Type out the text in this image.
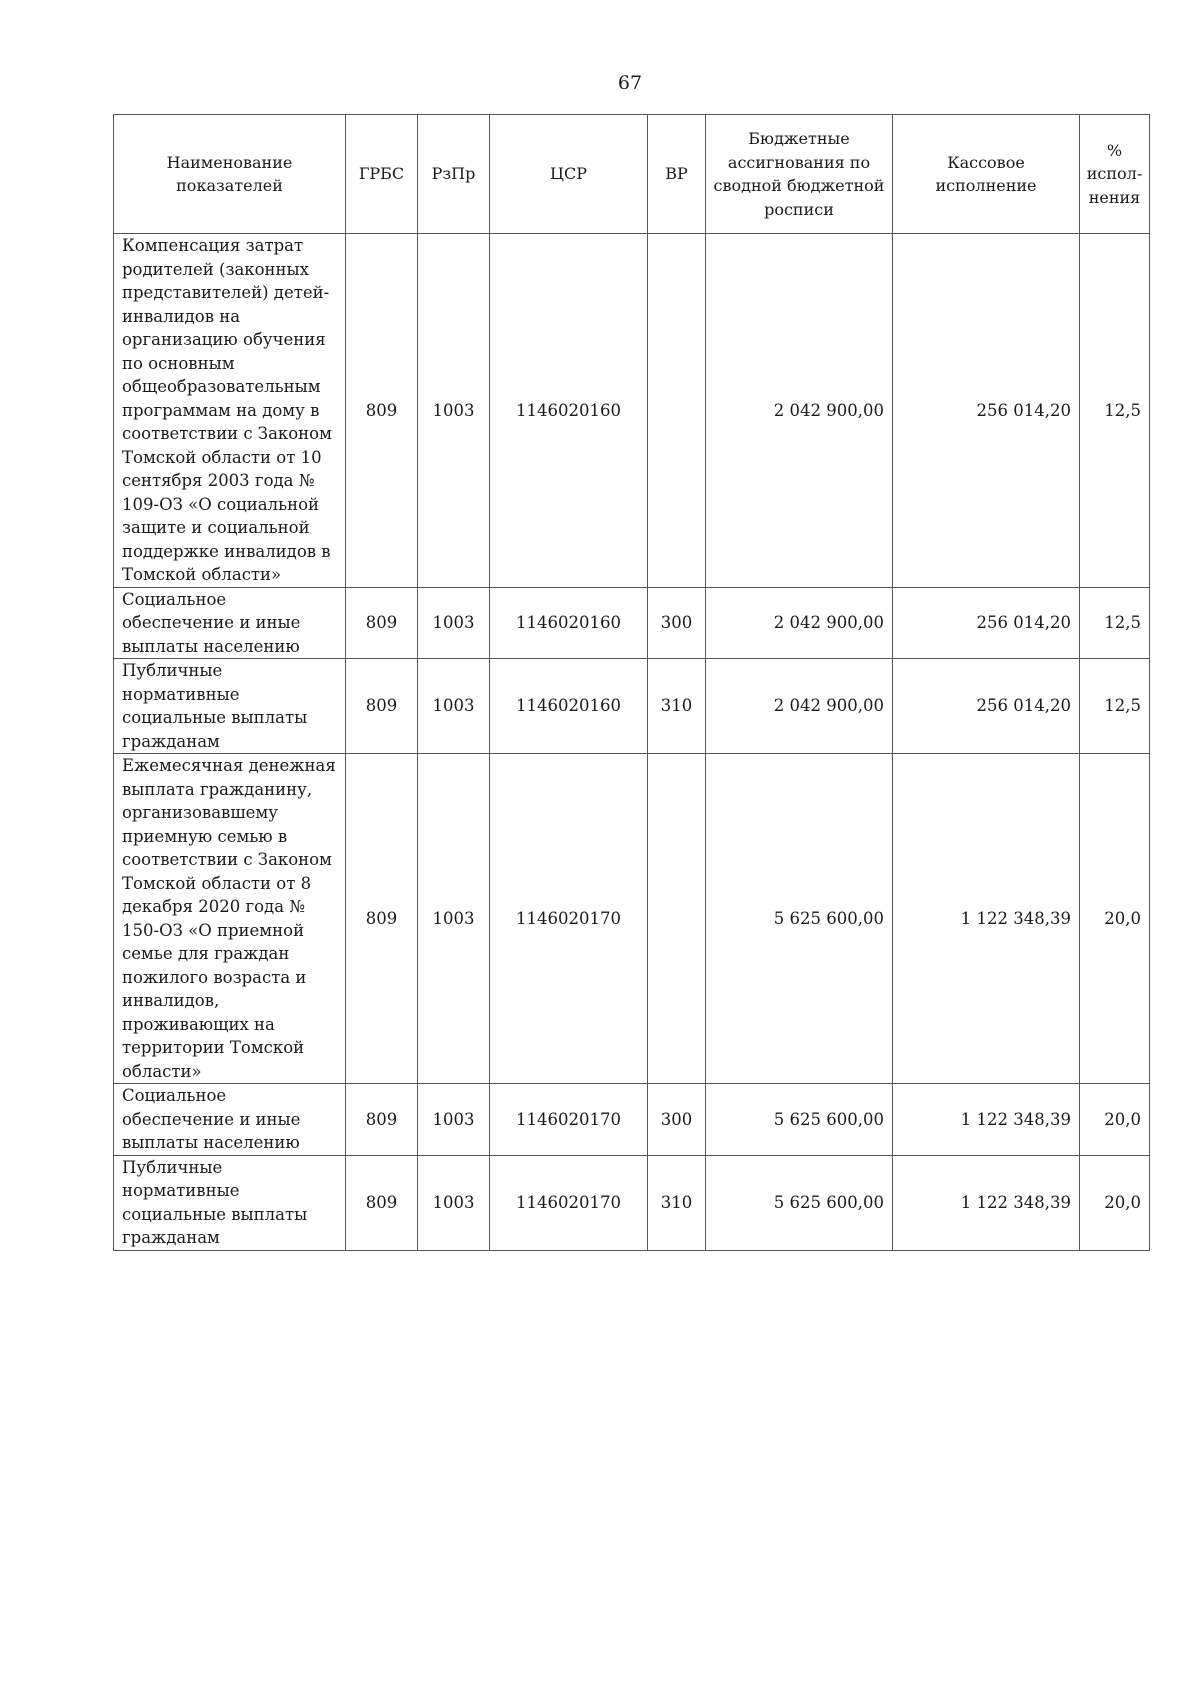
67
Наименование показателей	ГРБС	РзПр	ЦСР	ВР	Бюджетные ассигнования по сводной бюджетной росписи	Кассовое исполнение	% испол-нения
Компенсация затрат родителей (законных представителей) детей-инвалидов на организацию обучения по основным общеобразовательным программам на дому в соответствии с Законом Томской области от 10 сентября 2003 года № 109-ОЗ «О социальной защите и социальной поддержке инвалидов в Томской области»	809	1003	1146020160		2 042 900,00	256 014,20	12,5
Социальное обеспечение и иные выплаты населению	809	1003	1146020160	300	2 042 900,00	256 014,20	12,5
Публичные нормативные социальные выплаты гражданам	809	1003	1146020160	310	2 042 900,00	256 014,20	12,5
Ежемесячная денежная выплата гражданину, организовавшему приемную семью в соответствии с Законом Томской области от 8 декабря 2020 года № 150-ОЗ «О приемной семье для граждан пожилого возраста и инвалидов, проживающих на территории Томской области»	809	1003	1146020170		5 625 600,00	1 122 348,39	20,0
Социальное обеспечение и иные выплаты населению	809	1003	1146020170	300	5 625 600,00	1 122 348,39	20,0
Публичные нормативные социальные выплаты гражданам	809	1003	1146020170	310	5 625 600,00	1 122 348,39	20,0
